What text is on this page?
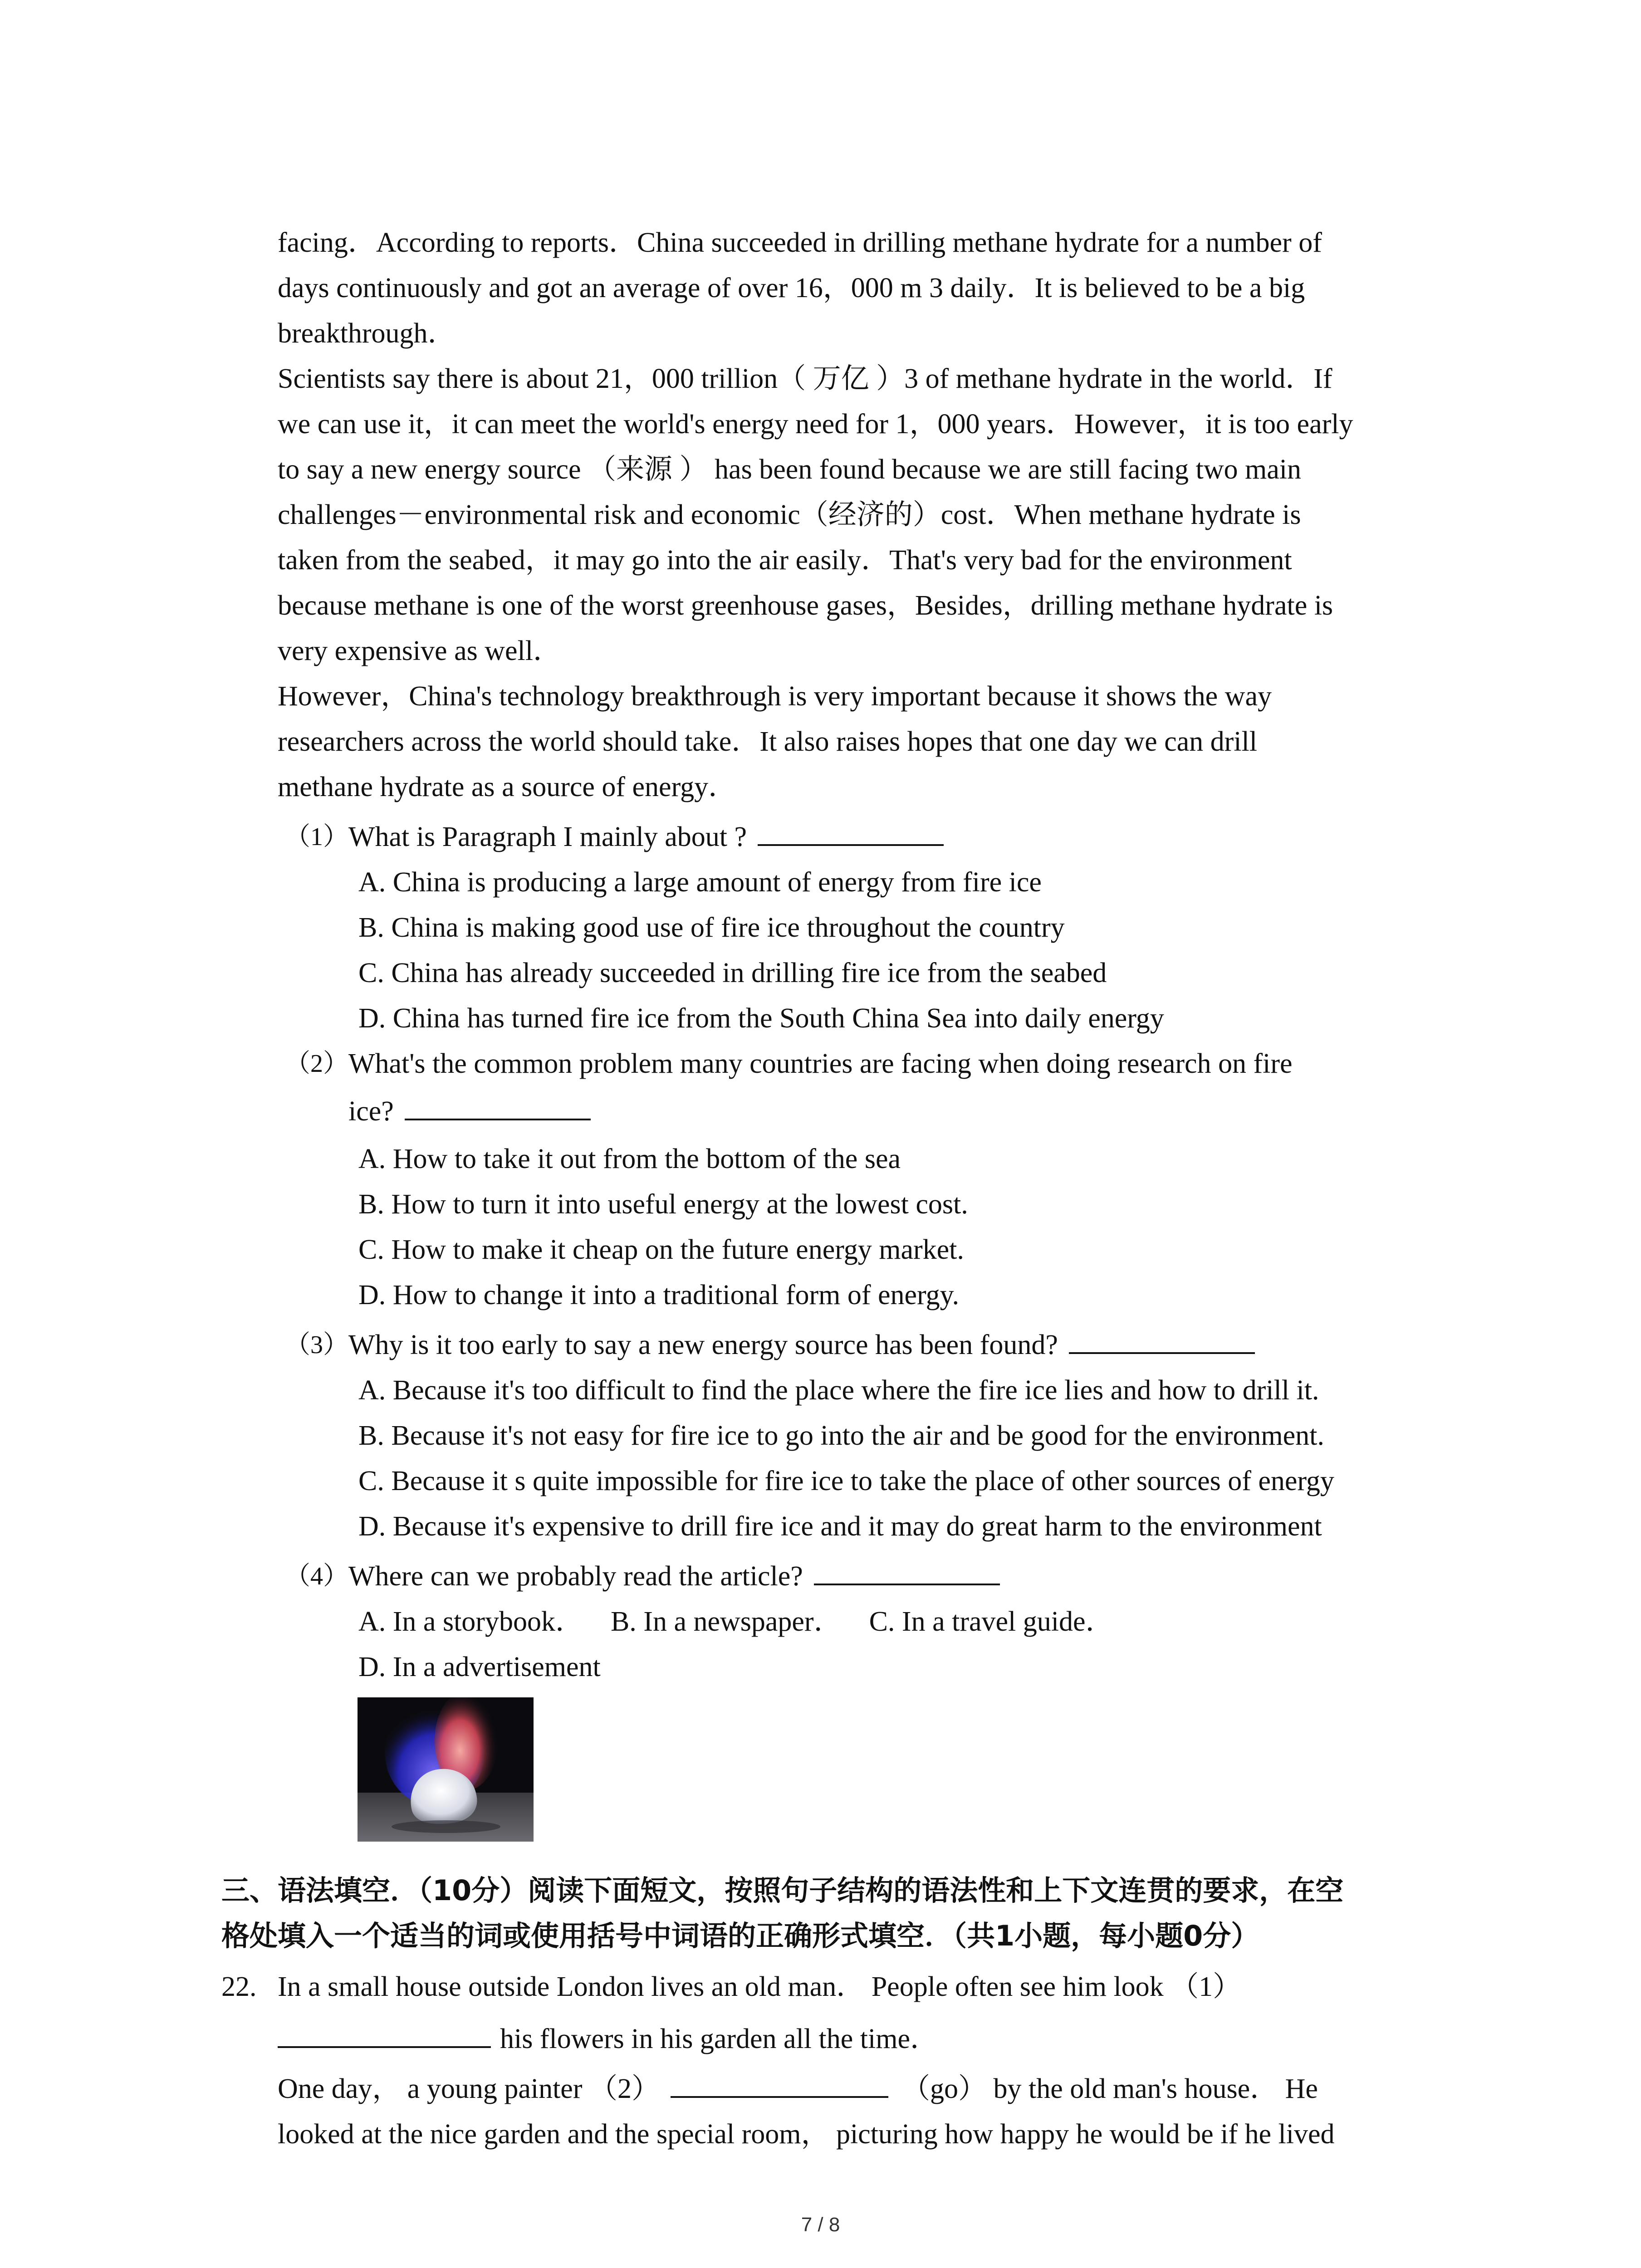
facing．According to reports．China succeeded in drilling methane hydrate for a number of
days continuously and got an average of over 16，000 m 3 daily．It is believed to be a big
breakthrough．
Scientists say there is about 21，000 trillion（ 万亿 ）3 of methane hydrate in the world．If
we can use it，it can meet the world's energy need for 1，000 years．However，it is too early
to say a new energy source （来源 ） has been found because we are still facing two main
challenges－environmental risk and economic（经济的）cost．When methane hydrate is
taken from the seabed，it may go into the air easily．That's very bad for the environment
because methane is one of the worst greenhouse gases，Besides，drilling methane hydrate is
very expensive as well．
However，China's technology breakthrough is very important because it shows the way
researchers across the world should take．It also raises hopes that one day we can drill
methane hydrate as a source of energy．
（1） What is Paragraph I mainly about ?
A. China is producing a large amount of energy from fire ice
B. China is making good use of fire ice throughout the country
C. China has already succeeded in drilling fire ice from the seabed
D. China has turned fire ice from the South China Sea into daily energy
（2） What's the common problem many countries are facing when doing research on fire
ice?
A. How to take it out from the bottom of the sea
B. How to turn it into useful energy at the lowest cost.
C. How to make it cheap on the future energy market.
D. How to change it into a traditional form of energy.
（3） Why is it too early to say a new energy source has been found?
A. Because it's too difficult to find the place where the fire ice lies and how to drill it.
B. Because it's not easy for fire ice to go into the air and be good for the environment.
C. Because it s quite impossible for fire ice to take the place of other sources of energy
D. Because it's expensive to drill fire ice and it may do great harm to the environment
（4） Where can we probably read the article?
A. In a storybook． B. In a newspaper． C. In a travel guide．
D. In a advertisement
三、语法填空．（10分）阅读下面短文，按照句子结构的语法性和上下文连贯的要求，在空
格处填入一个适当的词或使用括号中词语的正确形式填空．（共1小题，每小题0分）
22. In a small house outside London lives an old man． People often see him look （1）
his flowers in his garden all the time．
One day， a young painter （2）	（go） by the old man's house． He
looked at the nice garden and the special room， picturing how happy he would be if he lived
7 / 8
